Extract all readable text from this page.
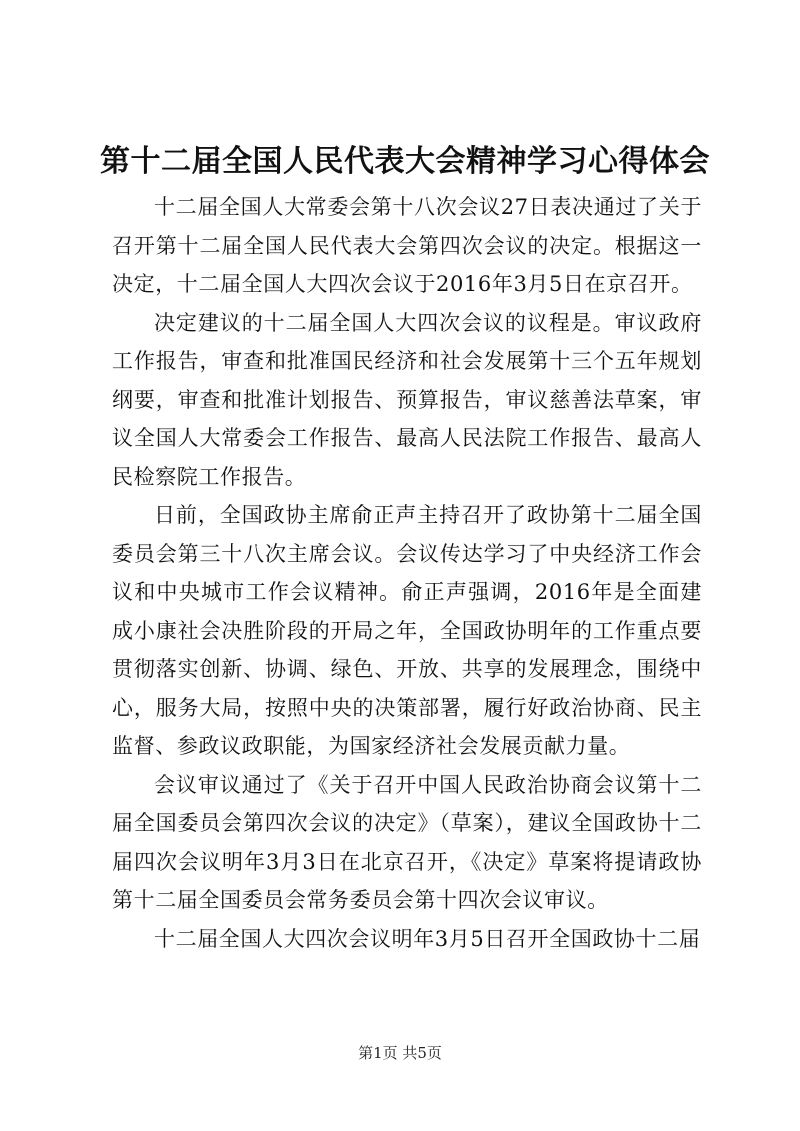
第十二届全国人民代表大会精神学习心得体会

十二届全国人大常委会第十八次会议27日表决通过了关于召开第十二届全国人民代表大会第四次会议的决定。根据这一决定，十二届全国人大四次会议于2016年3月5日在京召开。

决定建议的十二届全国人大四次会议的议程是。审议政府工作报告，审查和批准国民经济和社会发展第十三个五年规划纲要，审查和批准计划报告、预算报告，审议慈善法草案，审议全国人大常委会工作报告、最高人民法院工作报告、最高人民检察院工作报告。

日前，全国政协主席俞正声主持召开了政协第十二届全国委员会第三十八次主席会议。会议传达学习了中央经济工作会议和中央城市工作会议精神。俞正声强调，2016年是全面建成小康社会决胜阶段的开局之年，全国政协明年的工作重点要贯彻落实创新、协调、绿色、开放、共享的发展理念，围绕中心，服务大局，按照中央的决策部署，履行好政治协商、民主监督、参政议政职能，为国家经济社会发展贡献力量。

会议审议通过了《关于召开中国人民政治协商会议第十二届全国委员会第四次会议的决定》（草案），建议全国政协十二届四次会议明年3月3日在北京召开，《决定》草案将提请政协第十二届全国委员会常务委员会第十四次会议审议。

十二届全国人大四次会议明年3月5日召开全国政协十二届

第1页 共5页
